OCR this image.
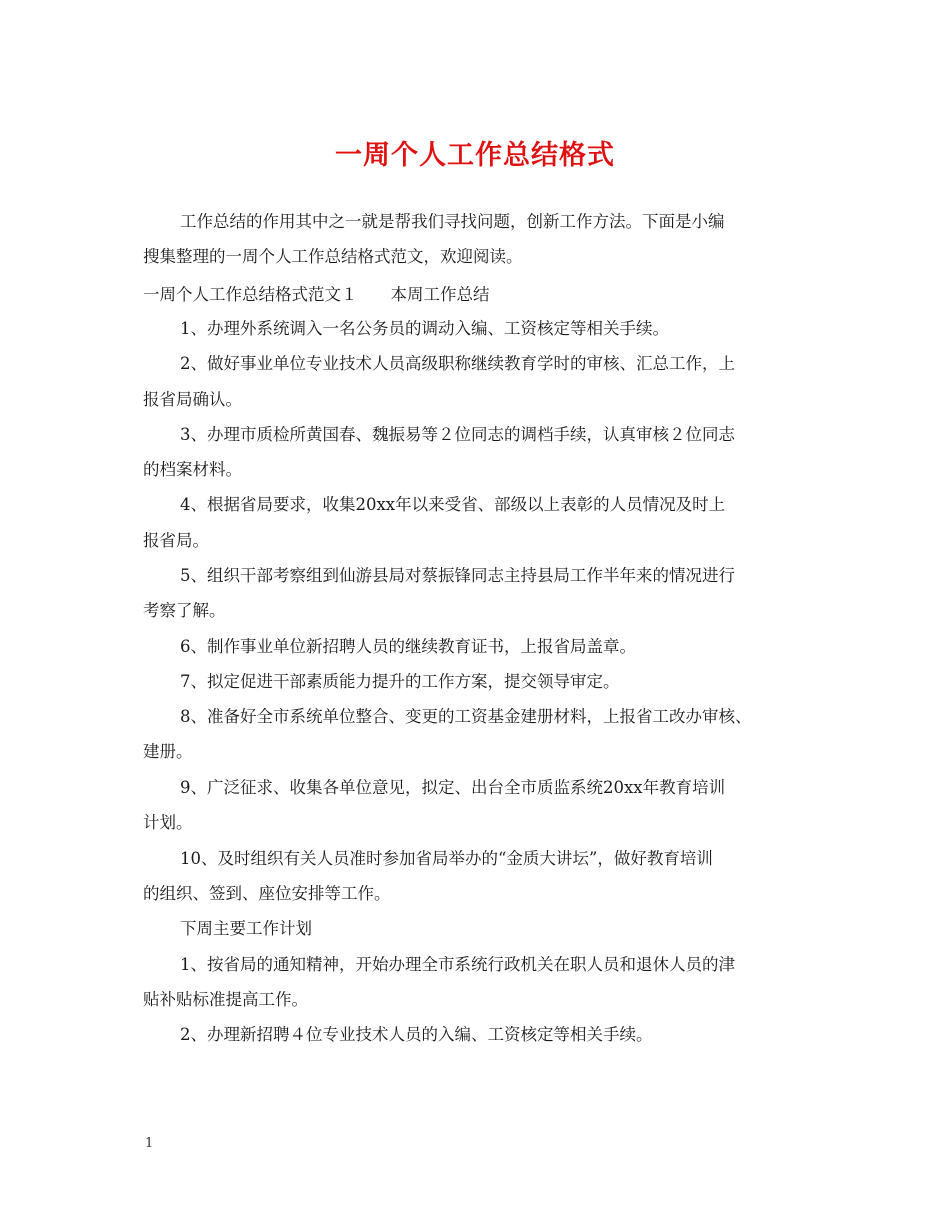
一周个人工作总结格式
工作总结的作用其中之一就是帮我们寻找问题，创新工作方法。下面是小编
搜集整理的一周个人工作总结格式范文，欢迎阅读。
一周个人工作总结格式范文１　　本周工作总结
1、办理外系统调入一名公务员的调动入编、工资核定等相关手续。
2、做好事业单位专业技术人员高级职称继续教育学时的审核、汇总工作，上
报省局确认。
3、办理市质检所黄国春、魏振易等２位同志的调档手续，认真审核２位同志
的档案材料。
4、根据省局要求，收集20xx年以来受省、部级以上表彰的人员情况及时上
报省局。
5、组织干部考察组到仙游县局对蔡振锋同志主持县局工作半年来的情况进行
考察了解。
6、制作事业单位新招聘人员的继续教育证书，上报省局盖章。
7、拟定促进干部素质能力提升的工作方案，提交领导审定。
8、准备好全市系统单位整合、变更的工资基金建册材料，上报省工改办审核、
建册。
9、广泛征求、收集各单位意见，拟定、出台全市质监系统20xx年教育培训
计划。
10、及时组织有关人员准时参加省局举办的“金质大讲坛”，做好教育培训
的组织、签到、座位安排等工作。
下周主要工作计划
1、按省局的通知精神，开始办理全市系统行政机关在职人员和退休人员的津
贴补贴标准提高工作。
2、办理新招聘４位专业技术人员的入编、工资核定等相关手续。
1
